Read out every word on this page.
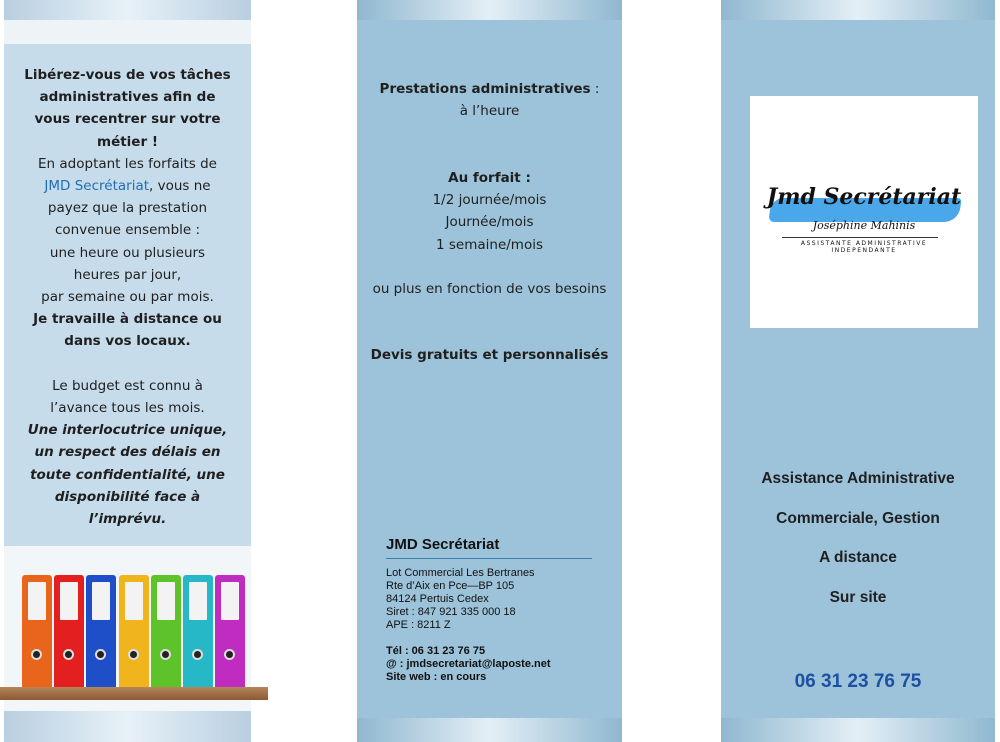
Libérez-vous de vos tâches

administratives afin de

vous recentrer sur votre

métier !

En adoptant les forfaits de

JMD Secrétariat, vous ne

payez que la prestation

convenue ensemble :

une heure ou plusieurs

heures par jour,

par semaine ou par mois.

Je travaille à distance ou

dans vos locaux.

Le budget est connu à

l’avance tous les mois.

Une interlocutrice unique,

un respect des délais en

toute confidentialité, une

disponibilité face à

l’imprévu.

Prestations administratives :
à l’heure
Au forfait :
1/2 journée/mois
Journée/mois
1 semaine/mois
ou plus en fonction de vos besoins
Devis gratuits et personnalisés
JMD Secrétariat
Lot Commercial Les Bertranes
Rte d’Aix en Pce—BP 105
84124 Pertuis Cedex
Siret : 847 921 335 000 18
APE : 8211 Z

Tél : 06 31 23 76 75
@ : jmdsecretariat@laposte.net
Site web : en cours
Jmd Secrétariat
Joséphine Mahinis
ASSISTANTE ADMINISTRATIVE
INDEPENDANTE
Assistance Administrative
Commerciale, Gestion
A distance
Sur site
06 31 23 76 75
